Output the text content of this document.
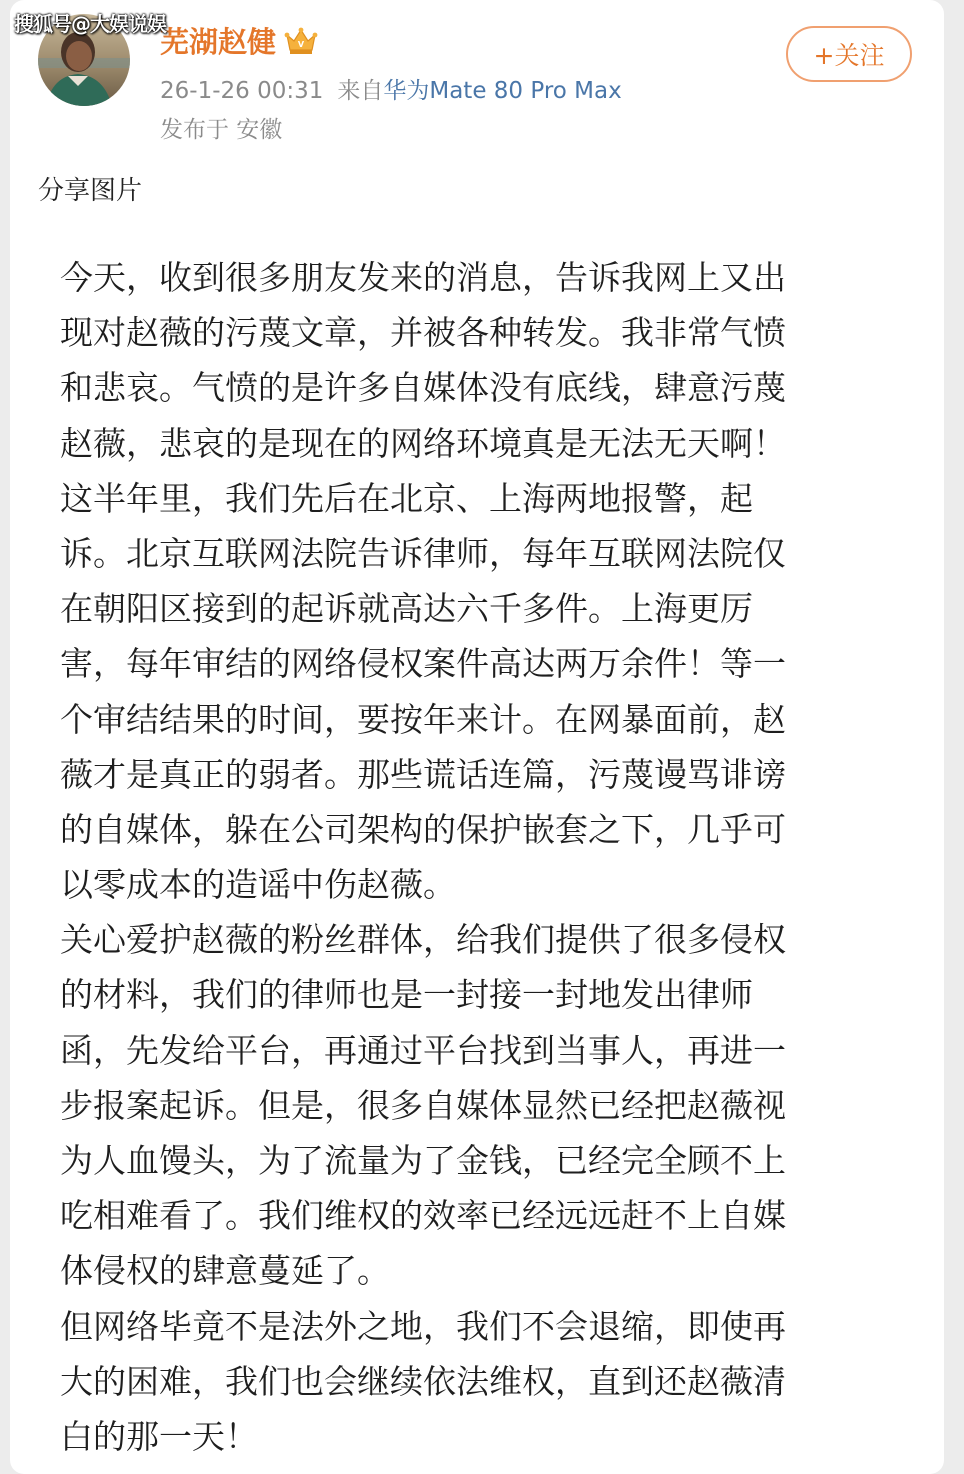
搜狐号@大娱说娱
芜湖赵健	V
26-1-26 00:31 来自华为Mate 80 Pro Max
发布于 安徽
+关注
分享图片
今天，收到很多朋友发来的消息，告诉我网上又出
现对赵薇的污蔑文章，并被各种转发。我非常气愤
和悲哀。气愤的是许多自媒体没有底线，肆意污蔑
赵薇，悲哀的是现在的网络环境真是无法无天啊！
这半年里，我们先后在北京、上海两地报警，起
诉。北京互联网法院告诉律师，每年互联网法院仅
在朝阳区接到的起诉就高达六千多件。上海更厉
害，每年审结的网络侵权案件高达两万余件！等一
个审结结果的时间，要按年来计。在网暴面前，赵
薇才是真正的弱者。那些谎话连篇，污蔑谩骂诽谤
的自媒体，躲在公司架构的保护嵌套之下，几乎可
以零成本的造谣中伤赵薇。
关心爱护赵薇的粉丝群体，给我们提供了很多侵权
的材料，我们的律师也是一封接一封地发出律师
函，先发给平台，再通过平台找到当事人，再进一
步报案起诉。但是，很多自媒体显然已经把赵薇视
为人血馒头，为了流量为了金钱，已经完全顾不上
吃相难看了。我们维权的效率已经远远赶不上自媒
体侵权的肆意蔓延了。
但网络毕竟不是法外之地，我们不会退缩，即使再
大的困难，我们也会继续依法维权，直到还赵薇清
白的那一天！
